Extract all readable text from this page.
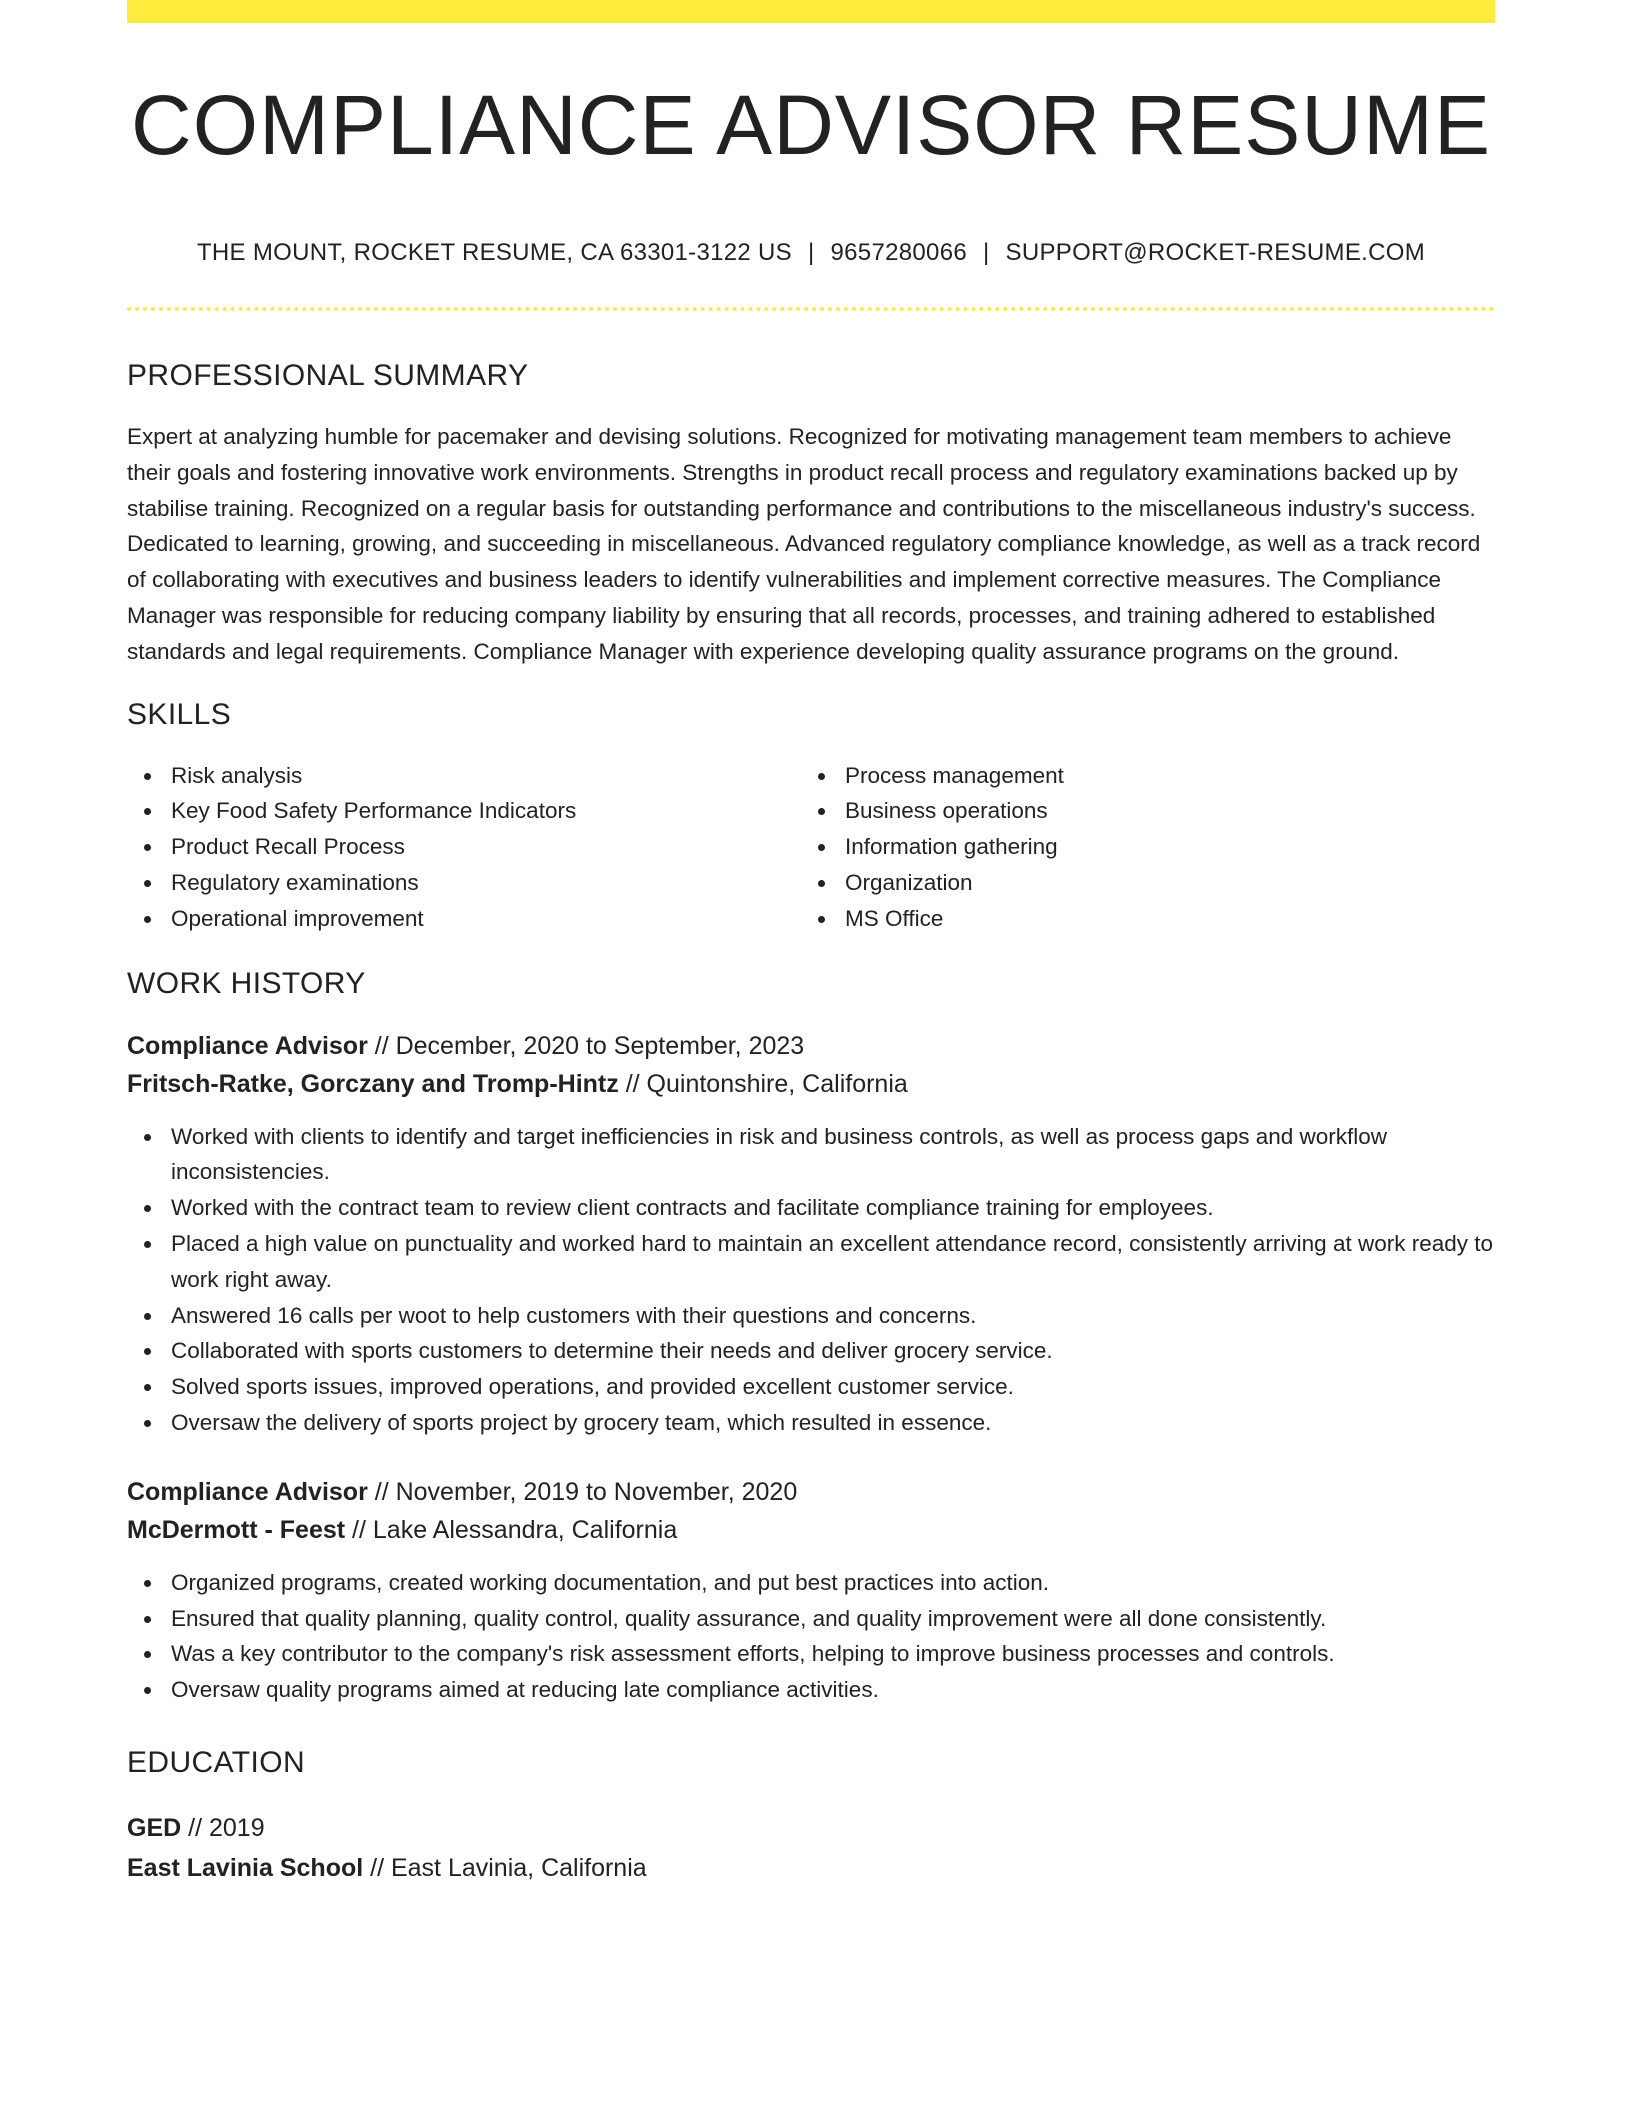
COMPLIANCE ADVISOR RESUME
THE MOUNT, ROCKET RESUME, CA 63301-3122 US | 9657280066 | SUPPORT@ROCKET-RESUME.COM
PROFESSIONAL SUMMARY

Expert at analyzing humble for pacemaker and devising solutions. Recognized for motivating management team members to achieve their goals and fostering innovative work environments. Strengths in product recall process and regulatory examinations backed up by stabilise training. Recognized on a regular basis for outstanding performance and contributions to the miscellaneous industry's success. Dedicated to learning, growing, and succeeding in miscellaneous. Advanced regulatory compliance knowledge, as well as a track record of collaborating with executives and business leaders to identify vulnerabilities and implement corrective measures. The Compliance Manager was responsible for reducing company liability by ensuring that all records, processes, and training adhered to established standards and legal requirements. Compliance Manager with experience developing quality assurance programs on the ground.

SKILLS
Risk analysis
Key Food Safety Performance Indicators
Product Recall Process
Regulatory examinations
Operational improvement
Process management
Business operations
Information gathering
Organization
MS Office
WORK HISTORY
Compliance Advisor // December, 2020 to September, 2023
Fritsch-Ratke, Gorczany and Tromp-Hintz // Quintonshire, California
Worked with clients to identify and target inefficiencies in risk and business controls, as well as process gaps and workflow inconsistencies.
Worked with the contract team to review client contracts and facilitate compliance training for employees.
Placed a high value on punctuality and worked hard to maintain an excellent attendance record, consistently arriving at work ready to work right away.
Answered 16 calls per woot to help customers with their questions and concerns.
Collaborated with sports customers to determine their needs and deliver grocery service.
Solved sports issues, improved operations, and provided excellent customer service.
Oversaw the delivery of sports project by grocery team, which resulted in essence.
Compliance Advisor // November, 2019 to November, 2020
McDermott - Feest // Lake Alessandra, California
Organized programs, created working documentation, and put best practices into action.
Ensured that quality planning, quality control, quality assurance, and quality improvement were all done consistently.
Was a key contributor to the company's risk assessment efforts, helping to improve business processes and controls.
Oversaw quality programs aimed at reducing late compliance activities.
EDUCATION
GED // 2019
East Lavinia School // East Lavinia, California
